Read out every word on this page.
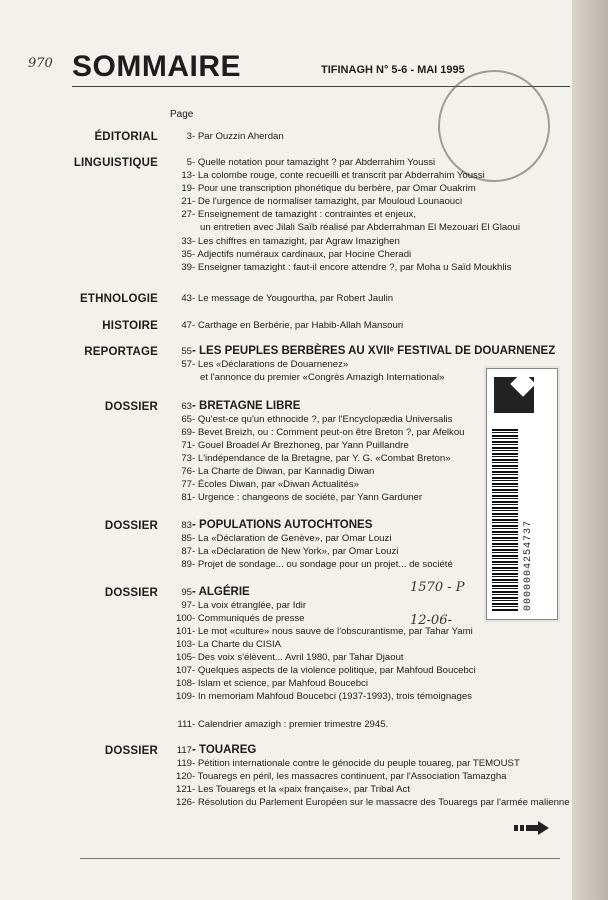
970 SOMMAIRE	TIFINAGH N° 5-6 - MAI 1995
Page
ÉDITORIAL	3 - Par Ouzzin Aherdan
LINGUISTIQUE	5 - Quelle notation pour tamazight ? par Abderrahim Youssi
13 - La colombe rouge, conte recueilli et transcrit par Abderrahim Youssi
19 - Pour une transcription phonétique du berbère, par Omar Ouakrim
21 - De l'urgence de normaliser tamazight, par Mouloud Lounaouci
27 - Enseignement de tamazight : contraintes et enjeux,
un entretien avec Jilali Saïb réalisé par Abderrahman El Mezouari El Glaoui
33 - Les chiffres en tamazight, par Agraw Imazighen
35 - Adjectifs numéraux cardinaux, par Hocine Cheradi
39 - Enseigner tamazight : faut-il encore attendre ?, par Moha u Saïd Moukhlis
ETHNOLOGIE	43 - Le message de Yougourtha, par Robert Jaulin
HISTOIRE	47 - Carthage en Berbérie, par Habib-Allah Mansouri
REPORTAGE	55 - LES PEUPLES BERBÈRES AU XVIIᵉ FESTIVAL DE DOUARNENEZ
57 - Les «Déclarations de Douarnenez»
et l'annonce du premier «Congrès Amazigh International»
DOSSIER	63 - BRETAGNE LIBRE
65 - Qu'est-ce qu'un ethnocide ?, par l'Encyclopædia Universalis
69 - Bevet Breizh, ou : Comment peut-on être Breton ?, par Afelkou
71 - Gouel Broadel Ar Brezhoneg, par Yann Puillandre
73 - L'indépendance de la Bretagne, par Y. G. «Combat Breton»
76 - La Charte de Diwan, par Kannadig Diwan
77 - Écoles Diwan, par «Diwan Actualités»
81 - Urgence : changeons de société, par Yann Garduner
DOSSIER	83 - POPULATIONS AUTOCHTONES
85 - La «Déclaration de Genève», par Omar Louzi
87 - La «Déclaration de New York», par Omar Louzi
89 - Projet de sondage... ou sondage pour un projet... de société
DOSSIER	95 - ALGÉRIE
97 - La voix étranglée, par Idir
100 - Communiqués de presse
101 - Le mot «culture» nous sauve de l'obscurantisme, par Tahar Yami
103 - La Charte du CISIA
105 - Des voix s'élèvent... Avril 1980, par Tahar Djaout
107 - Quelques aspects de la violence politique, par Mahfoud Boucebci
108 - Islam et science, par Mahfoud Boucebci
109 - In memoriam Mahfoud Boucebci (1937-1993), trois témoignages
111 - Calendrier amazigh : premier trimestre 2945.
DOSSIER	117 - TOUAREG
119 - Pétition internationale contre le génocide du peuple touareg, par TEMOUST
120 - Touaregs en péril, les massacres continuent, par l'Association Tamazgha
121 - Les Touaregs et la «paix française», par Tribal Act
126 - Résolution du Parlement Européen sur le massacre des Touaregs par l'armée malienne
0000004254737
1570 - P
12-06-
